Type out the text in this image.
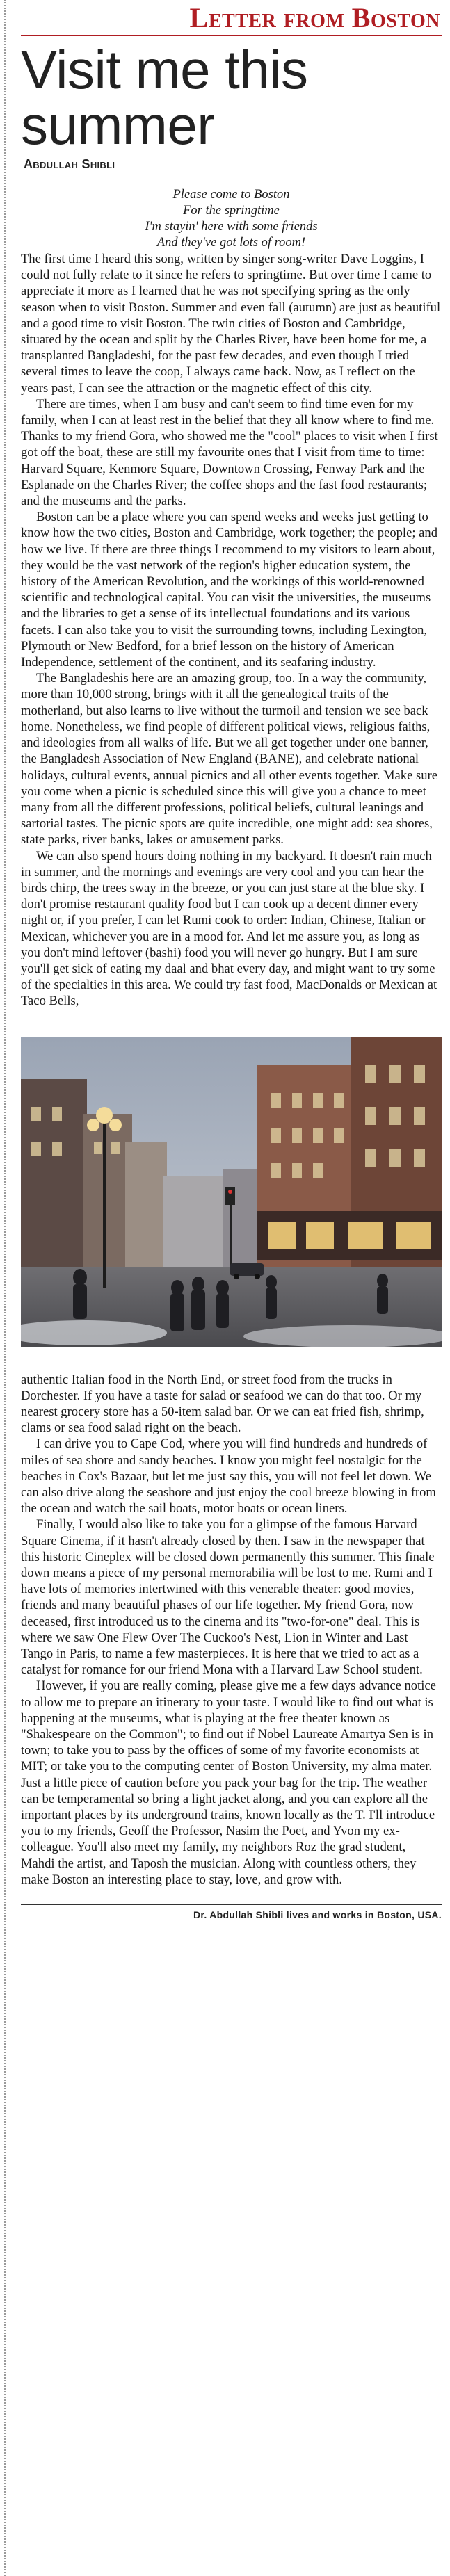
Letter from Boston
Visit me this
summer
Abdullah Shibli
Please come to Boston
For the springtime
I'm stayin' here with some friends
And they've got lots of room!

The first time I heard this song, written by singer song-writer Dave Loggins, I could not fully relate to it since he refers to springtime. But over time I came to appreciate it more as I learned that he was not specifying spring as the only season when to visit Boston. Summer and even fall (autumn) are just as beautiful and a good time to visit Boston. The twin cities of Boston and Cambridge, situated by the ocean and split by the Charles River, have been home for me, a transplanted Bangladeshi, for the past few decades, and even though I tried several times to leave the coop, I always came back. Now, as I reflect on the years past, I can see the attraction or the magnetic effect of this city.

There are times, when I am busy and can't seem to find time even for my family, when I can at least rest in the belief that they all know where to find me. Thanks to my friend Gora, who showed me the "cool" places to visit when I first got off the boat, these are still my favourite ones that I visit from time to time: Harvard Square, Kenmore Square, Downtown Crossing, Fenway Park and the Esplanade on the Charles River; the coffee shops and the fast food restaurants; and the museums and the parks.

Boston can be a place where you can spend weeks and weeks just getting to know how the two cities, Boston and Cambridge, work together; the people; and how we live. If there are three things I recommend to my visitors to learn about, they would be the vast network of the region's higher education system, the history of the American Revolution, and the workings of this world-renowned scientific and technological capital. You can visit the universities, the museums and the libraries to get a sense of its intellectual foundations and its various facets. I can also take you to visit the surrounding towns, including Lexington, Plymouth or New Bedford, for a brief lesson on the history of American Independence, settlement of the continent, and its seafaring industry.

The Bangladeshis here are an amazing group, too. In a way the community, more than 10,000 strong, brings with it all the genealogical traits of the motherland, but also learns to live without the turmoil and tension we see back home. Nonetheless, we find people of different political views, religious faiths, and ideologies from all walks of life. But we all get together under one banner, the Bangladesh Association of New England (BANE), and celebrate national holidays, cultural events, annual picnics and all other events together. Make sure you come when a picnic is scheduled since this will give you a chance to meet many from all the different professions, political beliefs, cultural leanings and sartorial tastes. The picnic spots are quite incredible, one might add: sea shores, state parks, river banks, lakes or amusement parks.

We can also spend hours doing nothing in my backyard. It doesn't rain much in summer, and the mornings and evenings are very cool and you can hear the birds chirp, the trees sway in the breeze, or you can just stare at the blue sky. I don't promise restaurant quality food but I can cook up a decent dinner every night or, if you prefer, I can let Rumi cook to order: Indian, Chinese, Italian or Mexican, whichever you are in a mood for. And let me assure you, as long as you don't mind leftover (bashi) food you will never go hungry. But I am sure you'll get sick of eating my daal and bhat every day, and might want to try some of the specialties in this area. We could try fast food, MacDonalds or Mexican at Taco Bells,

authentic Italian food in the North End, or street food from the trucks in Dorchester. If you have a taste for salad or seafood we can do that too. Or my nearest grocery store has a 50-item salad bar. Or we can eat fried fish, shrimp, clams or sea food salad right on the beach.

I can drive you to Cape Cod, where you will find hundreds and hundreds of miles of sea shore and sandy beaches. I know you might feel nostalgic for the beaches in Cox's Bazaar, but let me just say this, you will not feel let down. We can also drive along the seashore and just enjoy the cool breeze blowing in from the ocean and watch the sail boats, motor boats or ocean liners.

Finally, I would also like to take you for a glimpse of the famous Harvard Square Cinema, if it hasn't already closed by then. I saw in the newspaper that this historic Cineplex will be closed down permanently this summer. This finale down means a piece of my personal memorabilia will be lost to me. Rumi and I have lots of memories intertwined with this venerable theater: good movies, friends and many beautiful phases of our life together. My friend Gora, now deceased, first introduced us to the cinema and its "two-for-one" deal. This is where we saw One Flew Over The Cuckoo's Nest, Lion in Winter and Last Tango in Paris, to name a few masterpieces. It is here that we tried to act as a catalyst for romance for our friend Mona with a Harvard Law School student.

However, if you are really coming, please give me a few days advance notice to allow me to prepare an itinerary to your taste. I would like to find out what is happening at the museums, what is playing at the free theater known as "Shakespeare on the Common"; to find out if Nobel Laureate Amartya Sen is in town; to take you to pass by the offices of some of my favorite economists at MIT; or take you to the computing center of Boston University, my alma mater. Just a little piece of caution before you pack your bag for the trip. The weather can be temperamental so bring a light jacket along, and you can explore all the important places by its underground trains, known locally as the T. I'll introduce you to my friends, Geoff the Professor, Nasim the Poet, and Yvon my ex-colleague. You'll also meet my family, my neighbors Roz the grad student, Mahdi the artist, and Taposh the musician. Along with countless others, they make Boston an interesting place to stay, love, and grow with.

Dr. Abdullah Shibli lives and works in Boston, USA.
